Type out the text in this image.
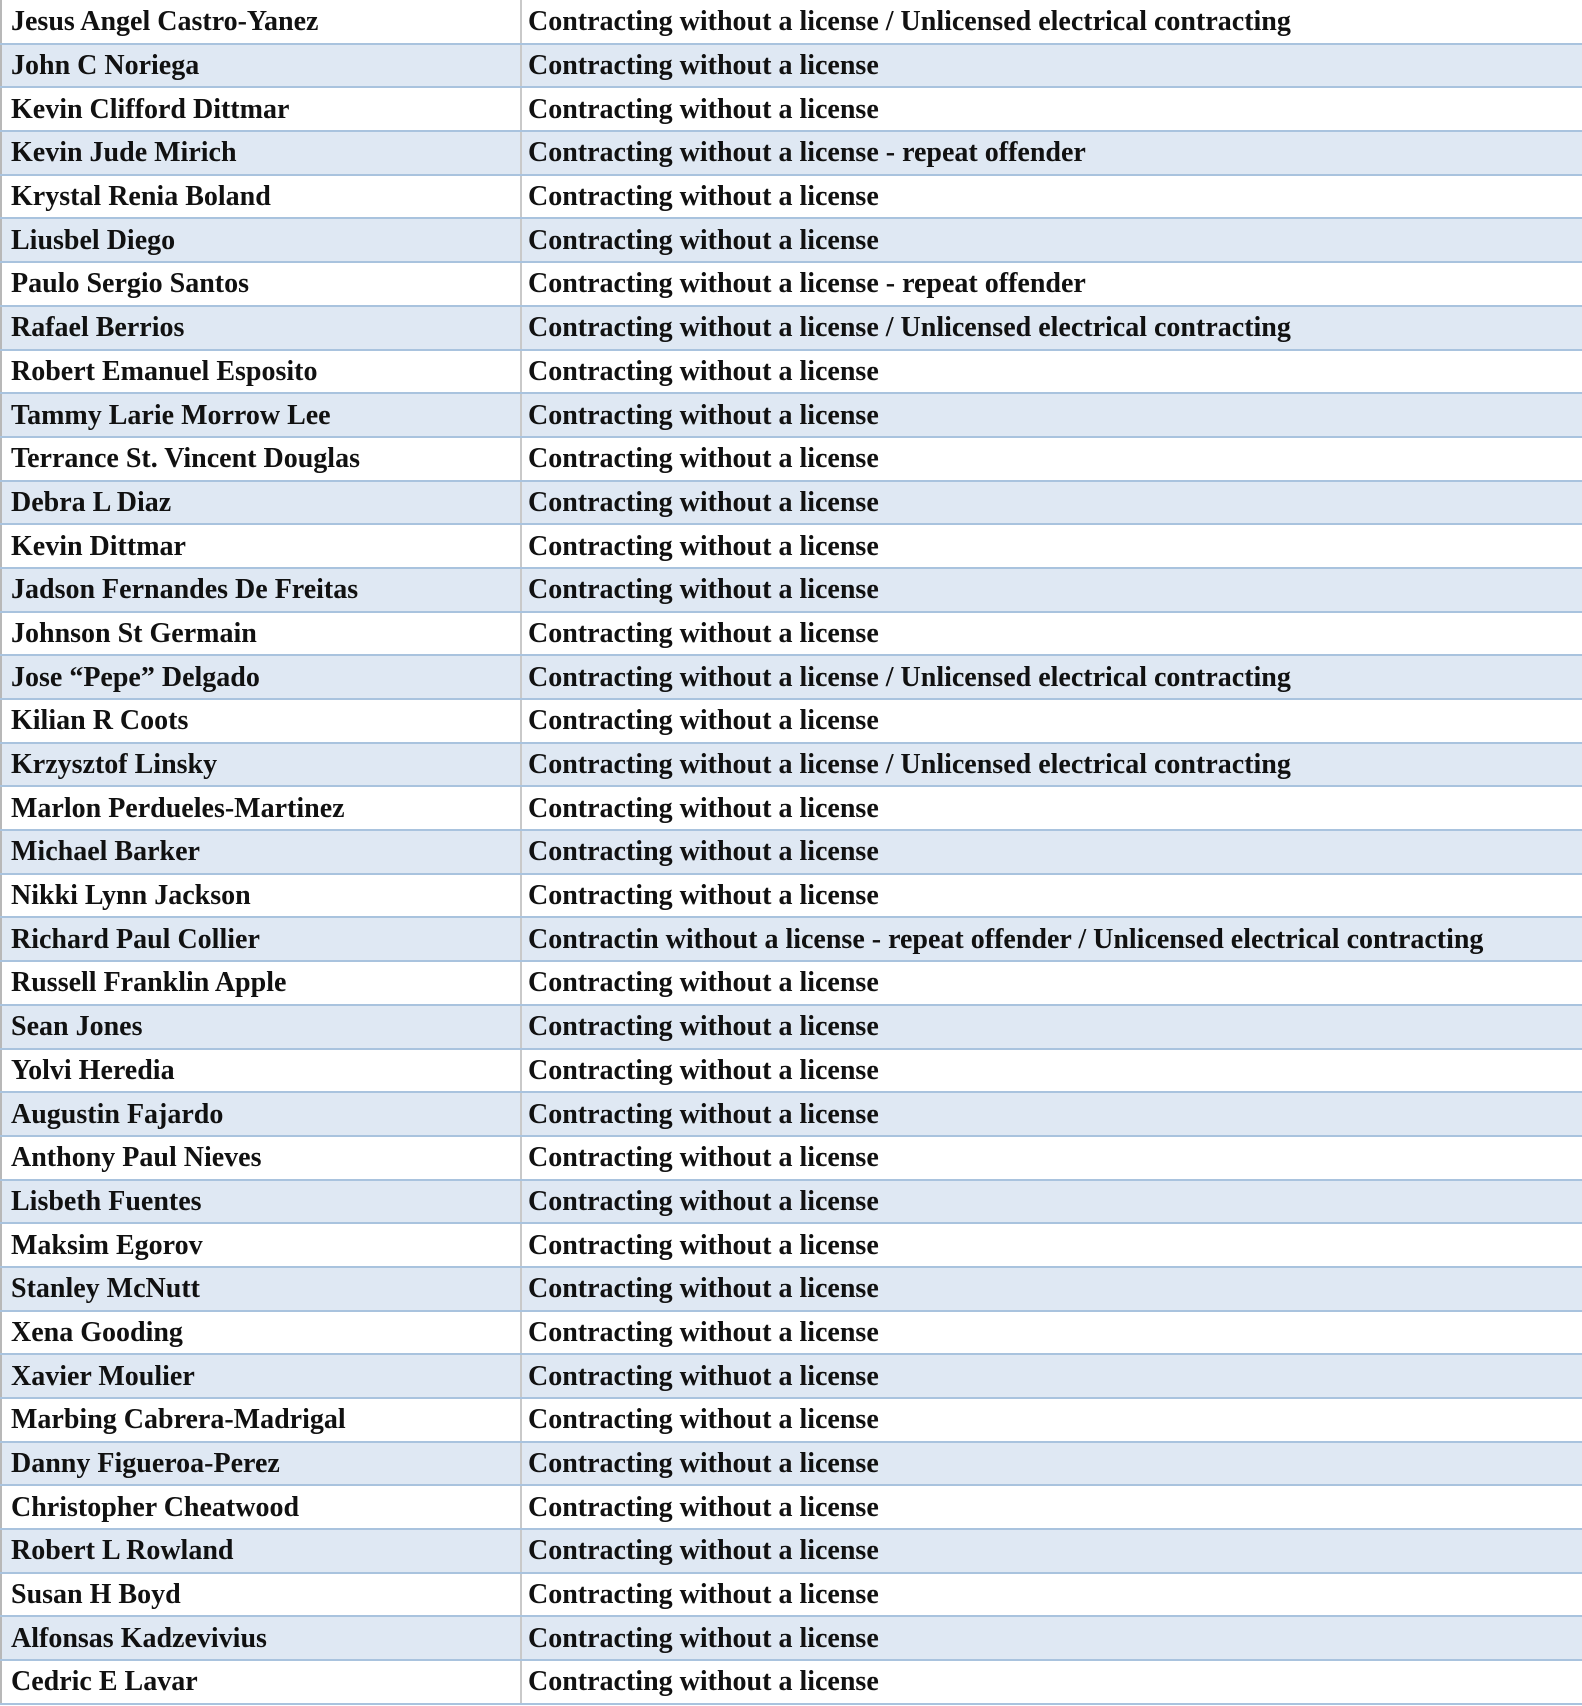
Jesus Angel Castro-Yanez	Contracting without a license / Unlicensed electrical contracting
John C Noriega	Contracting without a license
Kevin Clifford Dittmar	Contracting without a license
Kevin Jude Mirich	Contracting without a license - repeat offender
Krystal Renia Boland	Contracting without a license
Liusbel Diego	Contracting without a license
Paulo Sergio Santos	Contracting without a license - repeat offender
Rafael Berrios	Contracting without a license / Unlicensed electrical contracting
Robert Emanuel Esposito	Contracting without a license
Tammy Larie Morrow Lee	Contracting without a license
Terrance St. Vincent Douglas	Contracting without a license
Debra L Diaz	Contracting without a license
Kevin Dittmar	Contracting without a license
Jadson Fernandes De Freitas	Contracting without a license
Johnson St Germain	Contracting without a license
Jose “Pepe” Delgado	Contracting without a license / Unlicensed electrical contracting
Kilian R Coots	Contracting without a license
Krzysztof Linsky	Contracting without a license / Unlicensed electrical contracting
Marlon Perdueles-Martinez	Contracting without a license
Michael Barker	Contracting without a license
Nikki Lynn Jackson	Contracting without a license
Richard Paul Collier	Contractin without a license - repeat offender / Unlicensed electrical contracting
Russell Franklin Apple	Contracting without a license
Sean Jones	Contracting without a license
Yolvi Heredia	Contracting without a license
Augustin Fajardo	Contracting without a license
Anthony Paul Nieves	Contracting without a license
Lisbeth Fuentes	Contracting without a license
Maksim Egorov	Contracting without a license
Stanley McNutt	Contracting without a license
Xena Gooding	Contracting without a license
Xavier Moulier	Contracting withuot a license
Marbing Cabrera-Madrigal	Contracting without a license
Danny Figueroa-Perez	Contracting without a license
Christopher Cheatwood	Contracting without a license
Robert L Rowland	Contracting without a license
Susan H Boyd	Contracting without a license
Alfonsas Kadzevivius	Contracting without a license
Cedric E Lavar	Contracting without a license
